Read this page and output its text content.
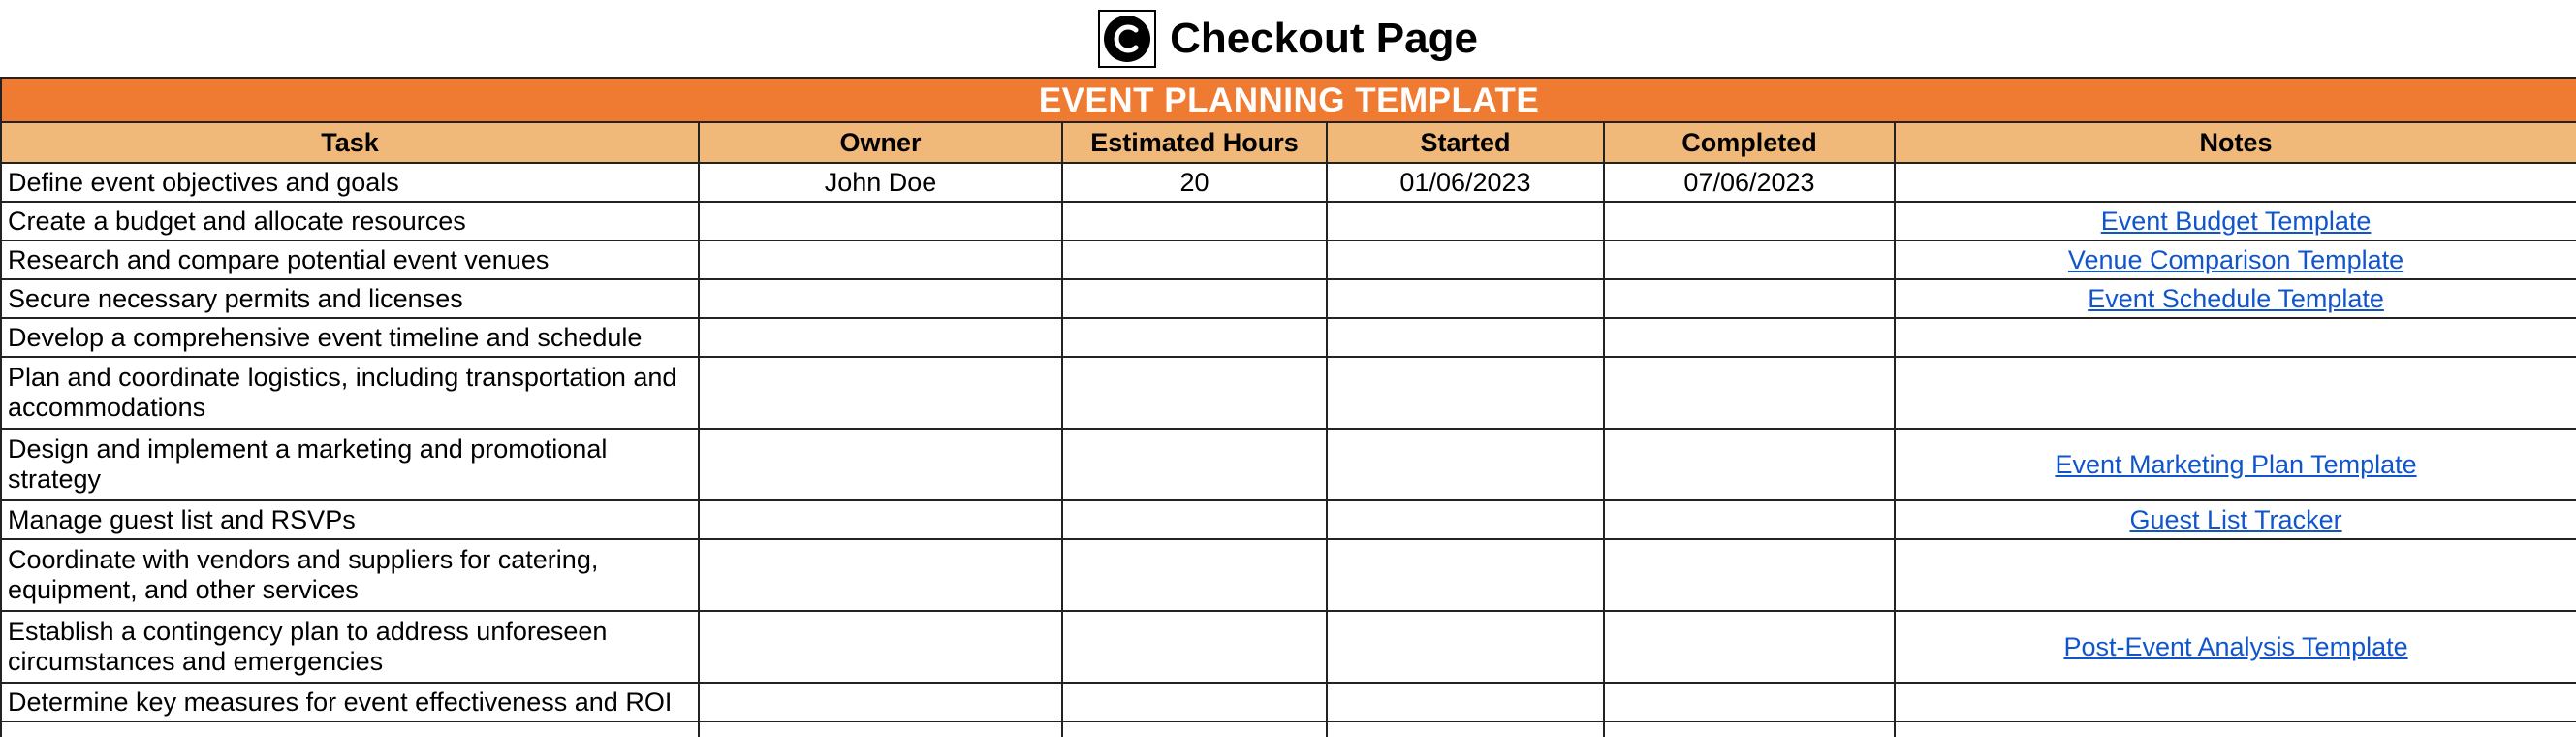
Checkout Page
EVENT PLANNING TEMPLATE					
Task	Owner	Estimated Hours	Started	Completed	Notes
Define event objectives and goals	John Doe	20	01/06/2023	07/06/2023	
Create a budget and allocate resources					Event Budget Template
Research and compare potential event venues					Venue Comparison Template
Secure necessary permits and licenses					Event Schedule Template
Develop a comprehensive event timeline and schedule					
Plan and coordinate logistics, including transportation and accommodations					
Design and implement a marketing and promotional strategy					Event Marketing Plan Template
Manage guest list and RSVPs					Guest List Tracker
Coordinate with vendors and suppliers for catering, equipment, and other services					
Establish a contingency plan to address unforeseen circumstances and emergencies					Post-Event Analysis Template
Determine key measures for event effectiveness and ROI					
